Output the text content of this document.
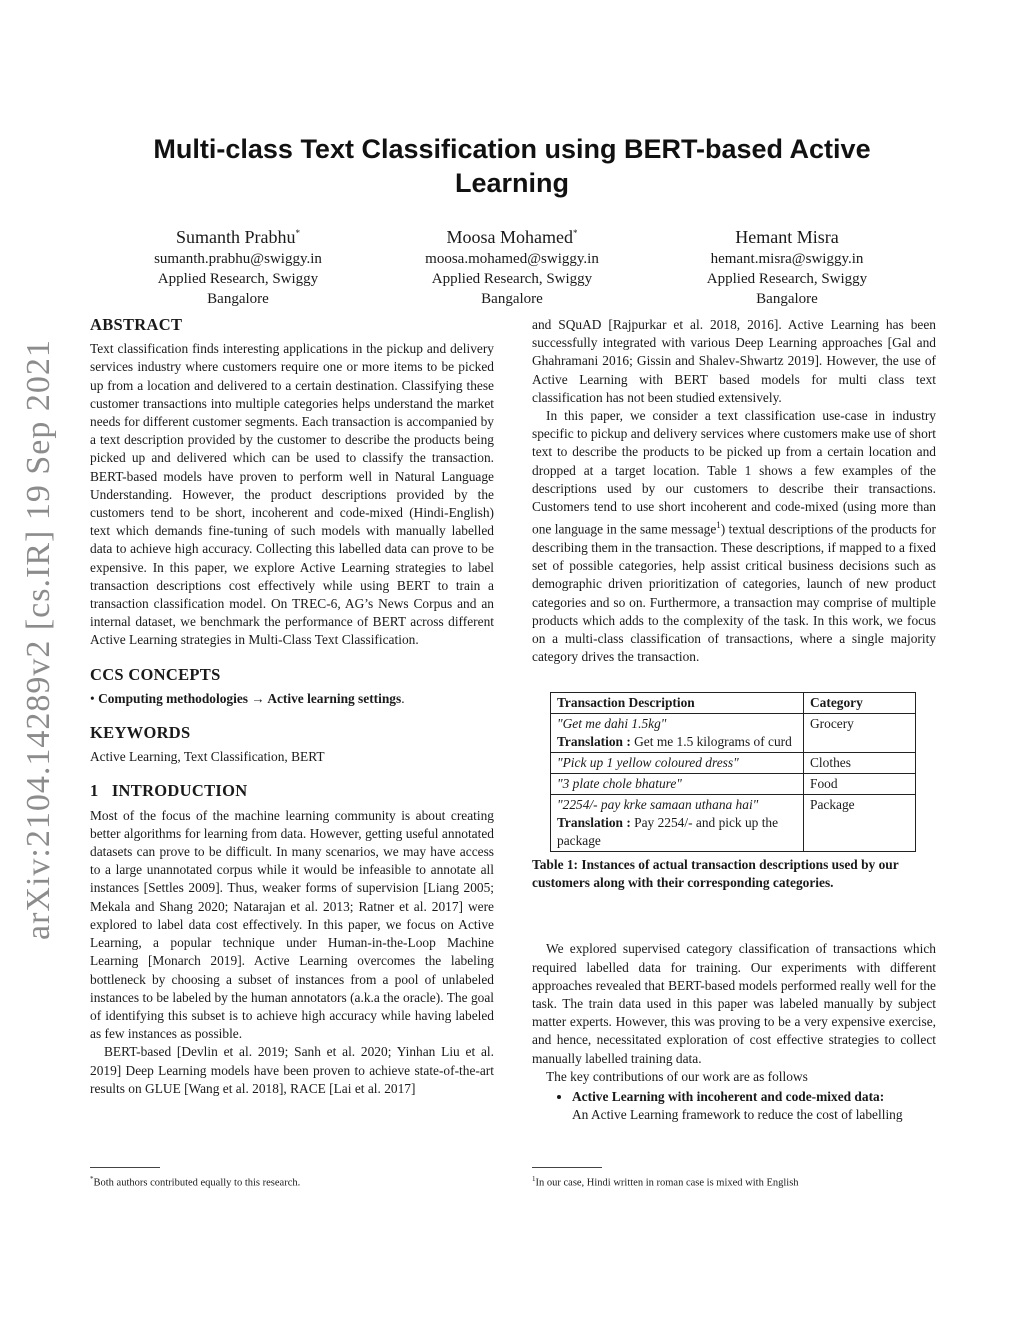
arXiv:2104.14289v2 [cs.IR] 19 Sep 2021
Multi-class Text Classification using BERT-based Active Learning
Sumanth Prabhu*
sumanth.prabhu@swiggy.in
Applied Research, Swiggy
Bangalore
Moosa Mohamed*
moosa.mohamed@swiggy.in
Applied Research, Swiggy
Bangalore
Hemant Misra
hemant.misra@swiggy.in
Applied Research, Swiggy
Bangalore
ABSTRACT

Text classification finds interesting applications in the pickup and delivery services industry where customers require one or more items to be picked up from a location and delivered to a certain destination. Classifying these customer transactions into multiple categories helps understand the market needs for different customer segments. Each transaction is accompanied by a text description provided by the customer to describe the products being picked up and delivered which can be used to classify the transaction. BERT-based models have proven to perform well in Natural Language Understanding. However, the product descriptions provided by the customers tend to be short, incoherent and code-mixed (Hindi-English) text which demands fine-tuning of such models with manually labelled data to achieve high accuracy. Collecting this labelled data can prove to be expensive. In this paper, we explore Active Learning strategies to label transaction descriptions cost effectively while using BERT to train a transaction classification model. On TREC-6, AG’s News Corpus and an internal dataset, we benchmark the performance of BERT across different Active Learning strategies in Multi-Class Text Classification.

CCS CONCEPTS

• Computing methodologies → Active learning settings.

KEYWORDS

Active Learning, Text Classification, BERT

1   INTRODUCTION

Most of the focus of the machine learning community is about creating better algorithms for learning from data. However, getting useful annotated datasets can prove to be difficult. In many scenarios, we may have access to a large unannotated corpus while it would be infeasible to annotate all instances [Settles 2009]. Thus, weaker forms of supervision [Liang 2005; Mekala and Shang 2020; Natarajan et al. 2013; Ratner et al. 2017] were explored to label data cost effectively. In this paper, we focus on Active Learning, a popular technique under Human-in-the-Loop Machine Learning [Monarch 2019]. Active Learning overcomes the labeling bottleneck by choosing a subset of instances from a pool of unlabeled instances to be labeled by the human annotators (a.k.a the oracle). The goal of identifying this subset is to achieve high accuracy while having labeled as few instances as possible.

BERT-based [Devlin et al. 2019; Sanh et al. 2020; Yinhan Liu et al. 2019] Deep Learning models have been proven to achieve state-of-the-art results on GLUE [Wang et al. 2018], RACE [Lai et al. 2017]

and SQuAD [Rajpurkar et al. 2018, 2016]. Active Learning has been successfully integrated with various Deep Learning approaches [Gal and Ghahramani 2016; Gissin and Shalev-Shwartz 2019]. However, the use of Active Learning with BERT based models for multi class text classification has not been studied extensively.

In this paper, we consider a text classification use-case in industry specific to pickup and delivery services where customers make use of short text to describe the products to be picked up from a certain location and dropped at a target location. Table 1 shows a few examples of the descriptions used by our customers to describe their transactions. Customers tend to use short incoherent and code-mixed (using more than one language in the same message$^1$) textual descriptions of the products for describing them in the transaction. These descriptions, if mapped to a fixed set of possible categories, help assist critical business decisions such as demographic driven prioritization of categories, launch of new product categories and so on. Furthermore, a transaction may comprise of multiple products which adds to the complexity of the task. In this work, we focus on a multi-class classification of transactions, where a single majority category drives the transaction.

Transaction Description	Category
"Get me dahi 1.5kg"
Translation : Get me 1.5 kilograms of curd	Grocery
"Pick up 1 yellow coloured dress"	Clothes
"3 plate chole bhature"	Food
"2254/- pay krke samaan uthana hai"
Translation : Pay 2254/- and pick up the package	Package
Table 1: Instances of actual transaction descriptions used by our customers along with their corresponding categories.

We explored supervised category classification of transactions which required labelled data for training. Our experiments with different approaches revealed that BERT-based models performed really well for the task. The train data used in this paper was labeled manually by subject matter experts. However, this was proving to be a very expensive exercise, and hence, necessitated exploration of cost effective strategies to collect manually labelled training data.

The key contributions of our work are as follows

• Active Learning with incoherent and code-mixed data:
An Active Learning framework to reduce the cost of labelling
*Both authors contributed equally to this research.	$^1$In our case, Hindi written in roman case is mixed with English
